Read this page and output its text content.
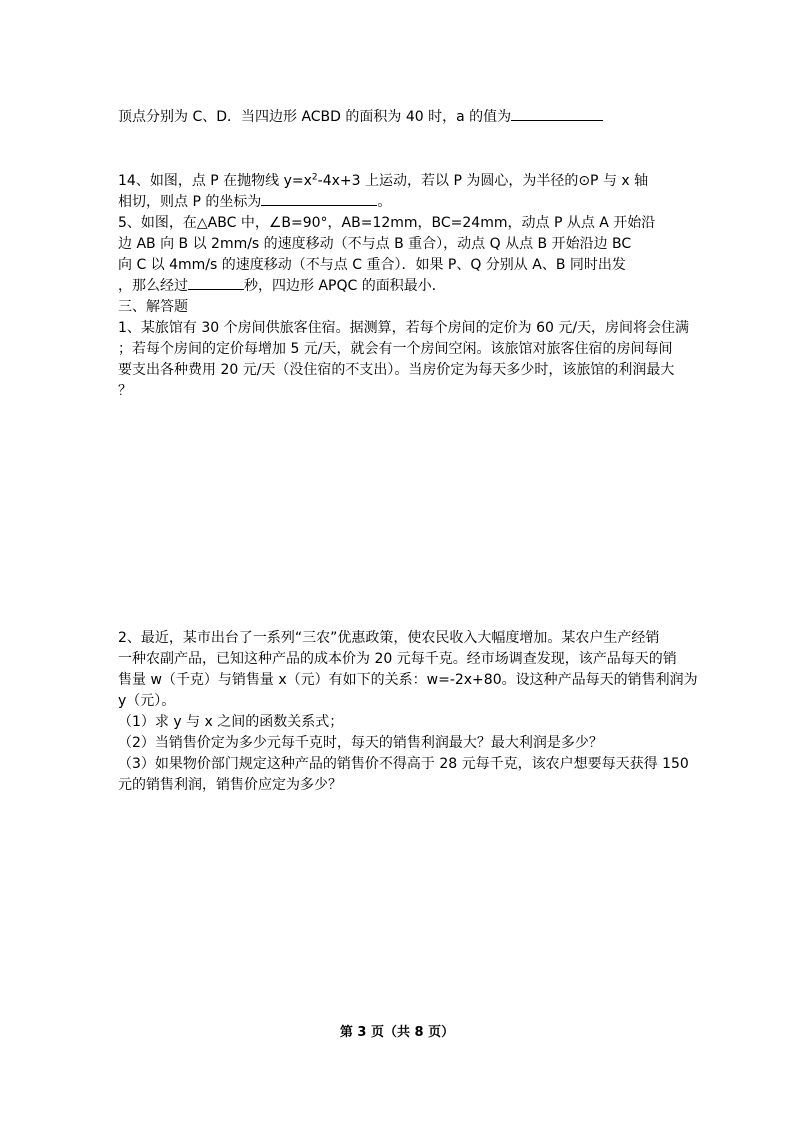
顶点分别为 C、D．当四边形 ACBD 的面积为 40 时，a 的值为
14、如图，点 P 在抛物线 $y=x^2-4x+3$ 上运动，若以 P 为圆心，为半径的⊙P 与 x 轴
相切，则点 P 的坐标为	。
5、如图，在△ABC 中，∠B=90°，AB=12mm，BC=24mm，动点 P 从点 A 开始沿
边 AB 向 B 以 2mm/s 的速度移动（不与点 B 重合），动点 Q 从点 B 开始沿边 BC
向 C 以 4mm/s 的速度移动（不与点 C 重合）．如果 P、Q 分别从 A、B 同时出发
，那么经过	秒，四边形 APQC 的面积最小．
三、解答题
1、某旅馆有 30 个房间供旅客住宿。据测算，若每个房间的定价为 60 元/天，房间将会住满
；若每个房间的定价每增加 5 元/天，就会有一个房间空闲。该旅馆对旅客住宿的房间每间
要支出各种费用 20 元/天（没住宿的不支出）。当房价定为每天多少时，该旅馆的利润最大
？
2、最近，某市出台了一系列“三农”优惠政策，使农民收入大幅度增加。某农户生产经销
一种农副产品，已知这种产品的成本价为 20 元每千克。经市场调查发现，该产品每天的销
售量 w（千克）与销售量 x（元）有如下的关系：w=-2x+80。设这种产品每天的销售利润为
y（元）。
（1）求 y 与 x 之间的函数关系式；
（2）当销售价定为多少元每千克时，每天的销售利润最大？最大利润是多少？
（3）如果物价部门规定这种产品的销售价不得高于 28 元每千克，该农户想要每天获得 150
元的销售利润，销售价应定为多少？
第 3 页（共 8 页）
